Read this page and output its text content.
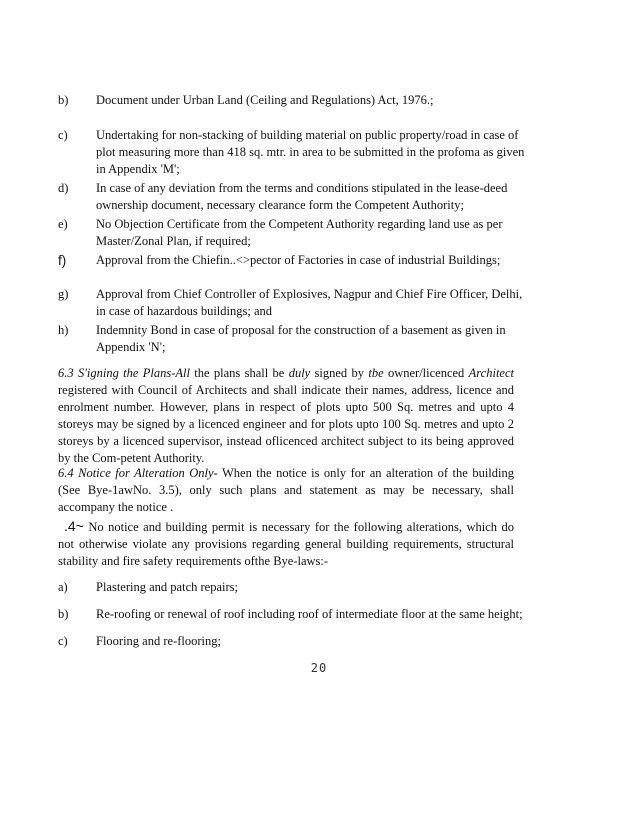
b)	Document under Urban Land (Ceiling and Regulations) Act, 1976.;
c)	Undertaking for non-stacking of building material on public property/road in case of plot measuring more than 418 sq. mtr. in area to be submitted in the profoma as given in Appendix 'M';
d)	In case of any deviation from the terms and conditions stipulated in the lease-deed ownership document, necessary clearance form the Competent Authority;
e)	No Objection Certificate from the Competent Authority regarding land use as per Master/Zonal Plan, if required;
f)	Approval from the Chiefin..<>pector of Factories in case of industrial Buildings;
g)	Approval from Chief Controller of Explosives, Nagpur and Chief Fire Officer, Delhi, in case of hazardous buildings; and
h)	Indemnity Bond in case of proposal for the construction of a basement as given in Appendix 'N';
6.3 S'igning the Plans-All the plans shall be duly signed by tbe owner/licenced Architect registered with Council of Architects and shall indicate their names, address, licence and enrolment number. However, plans in respect of plots upto 500 Sq. metres and upto 4 storeys may be signed by a licenced engineer and for plots upto 100 Sq. metres and upto 2 storeys by a licenced supervisor, instead oflicenced architect subject to its being approved by the Com-petent Authority.
6.4 Notice for Alteration Only- When the notice is only for an alteration of the building (See Bye-1awNo. 3.5), only such plans and statement as may be necessary, shall accompany the notice .
.4~ No notice and building permit is necessary for the following alterations, which do not otherwise violate any provisions regarding general building requirements, structural stability and fire safety requirements ofthe Bye-laws:-
a)	Plastering and patch repairs;
b)	Re-roofing or renewal of roof including roof of intermediate floor at the same height;
c)	Flooring and re-flooring;
20
